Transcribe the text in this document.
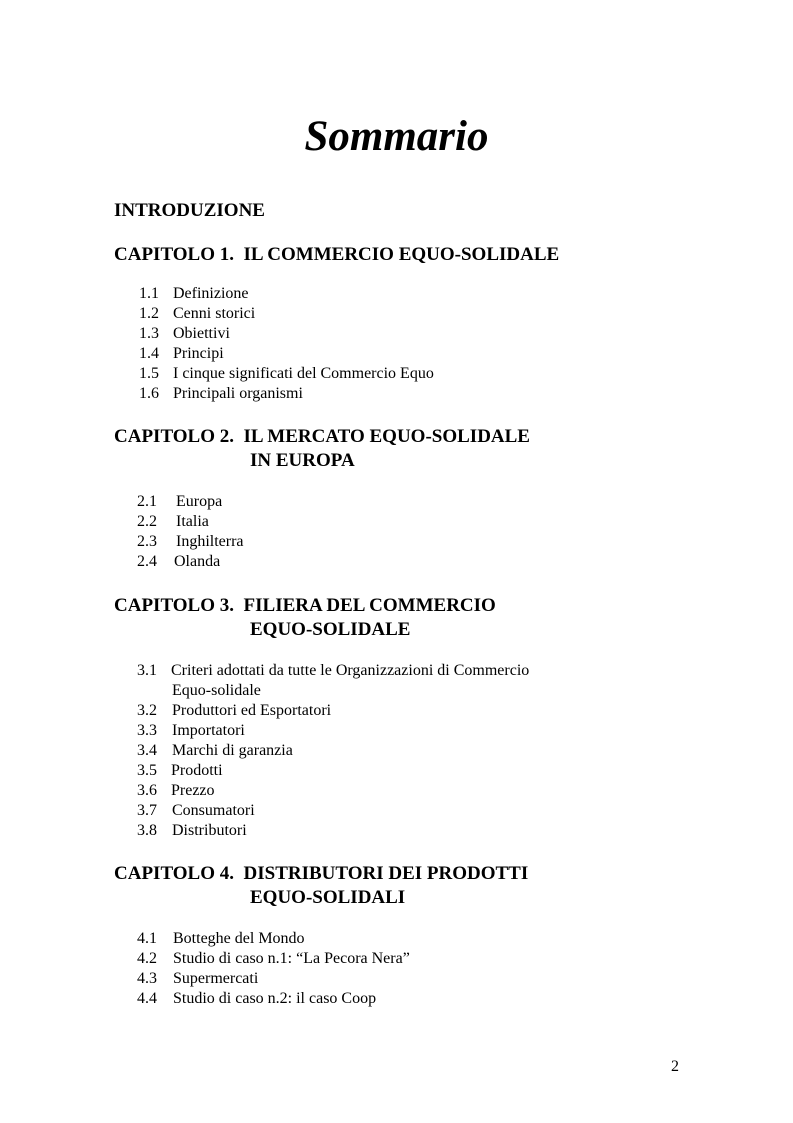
Sommario
INTRODUZIONE
CAPITOLO 1. IL COMMERCIO EQUO-SOLIDALE
1.1 Definizione
1.2 Cenni storici
1.3 Obiettivi
1.4 Principi
1.5 I cinque significati del Commercio Equo
1.6 Principali organismi
CAPITOLO 2. IL MERCATO EQUO-SOLIDALE
IN EUROPA
2.1 Europa
2.2 Italia
2.3 Inghilterra
2.4 Olanda
CAPITOLO 3. FILIERA DEL COMMERCIO
EQUO-SOLIDALE
3.1 Criteri adottati da tutte le Organizzazioni di Commercio
Equo-solidale
3.2 Produttori ed Esportatori
3.3 Importatori
3.4 Marchi di garanzia
3.5 Prodotti
3.6 Prezzo
3.7 Consumatori
3.8 Distributori
CAPITOLO 4. DISTRIBUTORI DEI PRODOTTI
EQUO-SOLIDALI
4.1 Botteghe del Mondo
4.2 Studio di caso n.1: “La Pecora Nera”
4.3 Supermercati
4.4 Studio di caso n.2: il caso Coop
2
